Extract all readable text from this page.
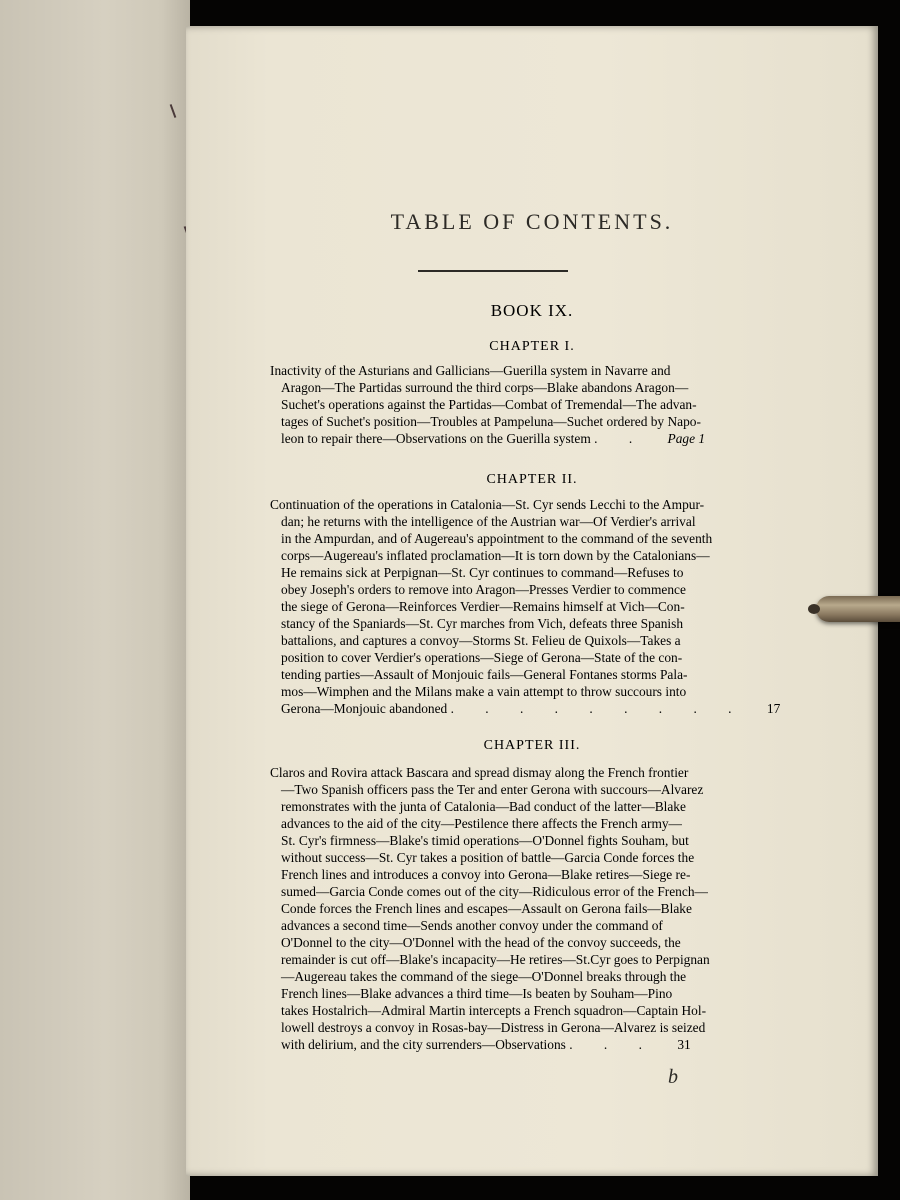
TABLE OF CONTENTS.
BOOK IX.
CHAPTER I.
Inactivity of the Asturians and Gallicians—Guerilla system in Navarre and
Aragon—The Partidas surround the third corps—Blake abandons Aragon—
Suchet's operations against the Partidas—Combat of Tremendal—The advan-
tages of Suchet's position—Troubles at Pampeluna—Suchet ordered by Napo-
leon to repair there—Observations on the Guerilla system . . Page 1
CHAPTER II.
Continuation of the operations in Catalonia—St. Cyr sends Lecchi to the Ampur-
dan; he returns with the intelligence of the Austrian war—Of Verdier's arrival
in the Ampurdan, and of Augereau's appointment to the command of the seventh
corps—Augereau's inflated proclamation—It is torn down by the Catalonians—
He remains sick at Perpignan—St. Cyr continues to command—Refuses to
obey Joseph's orders to remove into Aragon—Presses Verdier to commence
the siege of Gerona—Reinforces Verdier—Remains himself at Vich—Con-
stancy of the Spaniards—St. Cyr marches from Vich, defeats three Spanish
battalions, and captures a convoy—Storms St. Felieu de Quixols—Takes a
position to cover Verdier's operations—Siege of Gerona—State of the con-
tending parties—Assault of Monjouic fails—General Fontanes storms Pala-
mos—Wimphen and the Milans make a vain attempt to throw succours into
Gerona—Monjouic abandoned . . . . . . . . . 17
CHAPTER III.
Claros and Rovira attack Bascara and spread dismay along the French frontier
—Two Spanish officers pass the Ter and enter Gerona with succours—Alvarez
remonstrates with the junta of Catalonia—Bad conduct of the latter—Blake
advances to the aid of the city—Pestilence there affects the French army—
St. Cyr's firmness—Blake's timid operations—O'Donnel fights Souham, but
without success—St. Cyr takes a position of battle—Garcia Conde forces the
French lines and introduces a convoy into Gerona—Blake retires—Siege re-
sumed—Garcia Conde comes out of the city—Ridiculous error of the French—
Conde forces the French lines and escapes—Assault on Gerona fails—Blake
advances a second time—Sends another convoy under the command of
O'Donnel to the city—O'Donnel with the head of the convoy succeeds, the
remainder is cut off—Blake's incapacity—He retires—St.Cyr goes to Perpignan
—Augereau takes the command of the siege—O'Donnel breaks through the
French lines—Blake advances a third time—Is beaten by Souham—Pino
takes Hostalrich—Admiral Martin intercepts a French squadron—Captain Hol-
lowell destroys a convoy in Rosas-bay—Distress in Gerona—Alvarez is seized
with delirium, and the city surrenders—Observations . . . 31
b
